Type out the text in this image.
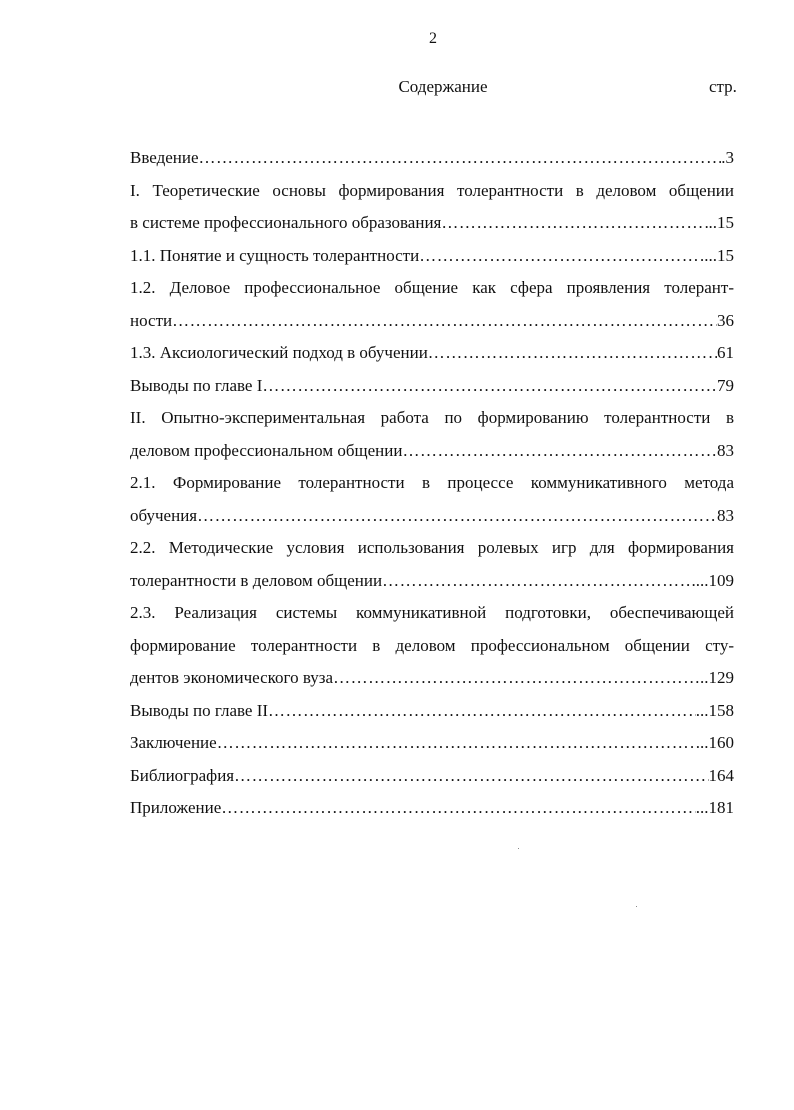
2
Содержание	стр.
Введение …………………………………………………………………………………………………………………………………………………	.3
I. Теоретические основы формирования толерантности в деловом общении
в системе профессионального образования …………………………………………………………………………………………………………………………………………………	..15
1.1. Понятие и сущность толерантности …………………………………………………………………………………………………………………………………………………	...15
1.2. Деловое профессиональное общение как сфера проявления толерант-
ности …………………………………………………………………………………………………………………………………………………	36
1.3. Аксиологический подход в обучении …………………………………………………………………………………………………………………………………………………	61
Выводы по главе I …………………………………………………………………………………………………………………………………………………	79
II. Опытно-экспериментальная работа по формированию толерантности в
деловом профессиональном общении …………………………………………………………………………………………………………………………………………………	83
2.1. Формирование толерантности в процессе коммуникативного метода
обучения …………………………………………………………………………………………………………………………………………………	83
2.2. Методические условия использования ролевых игр для формирования
толерантности в деловом общении …………………………………………………………………………………………………………………………………………………	....109
2.3. Реализация системы коммуникативной подготовки, обеспечивающей
формирование толерантности в деловом профессиональном общении сту-
дентов экономического вуза …………………………………………………………………………………………………………………………………………………	..129
Выводы по главе II …………………………………………………………………………………………………………………………………………………	...158
Заключение …………………………………………………………………………………………………………………………………………………	...160
Библиография …………………………………………………………………………………………………………………………………………………	164
Приложение …………………………………………………………………………………………………………………………………………………	...181
